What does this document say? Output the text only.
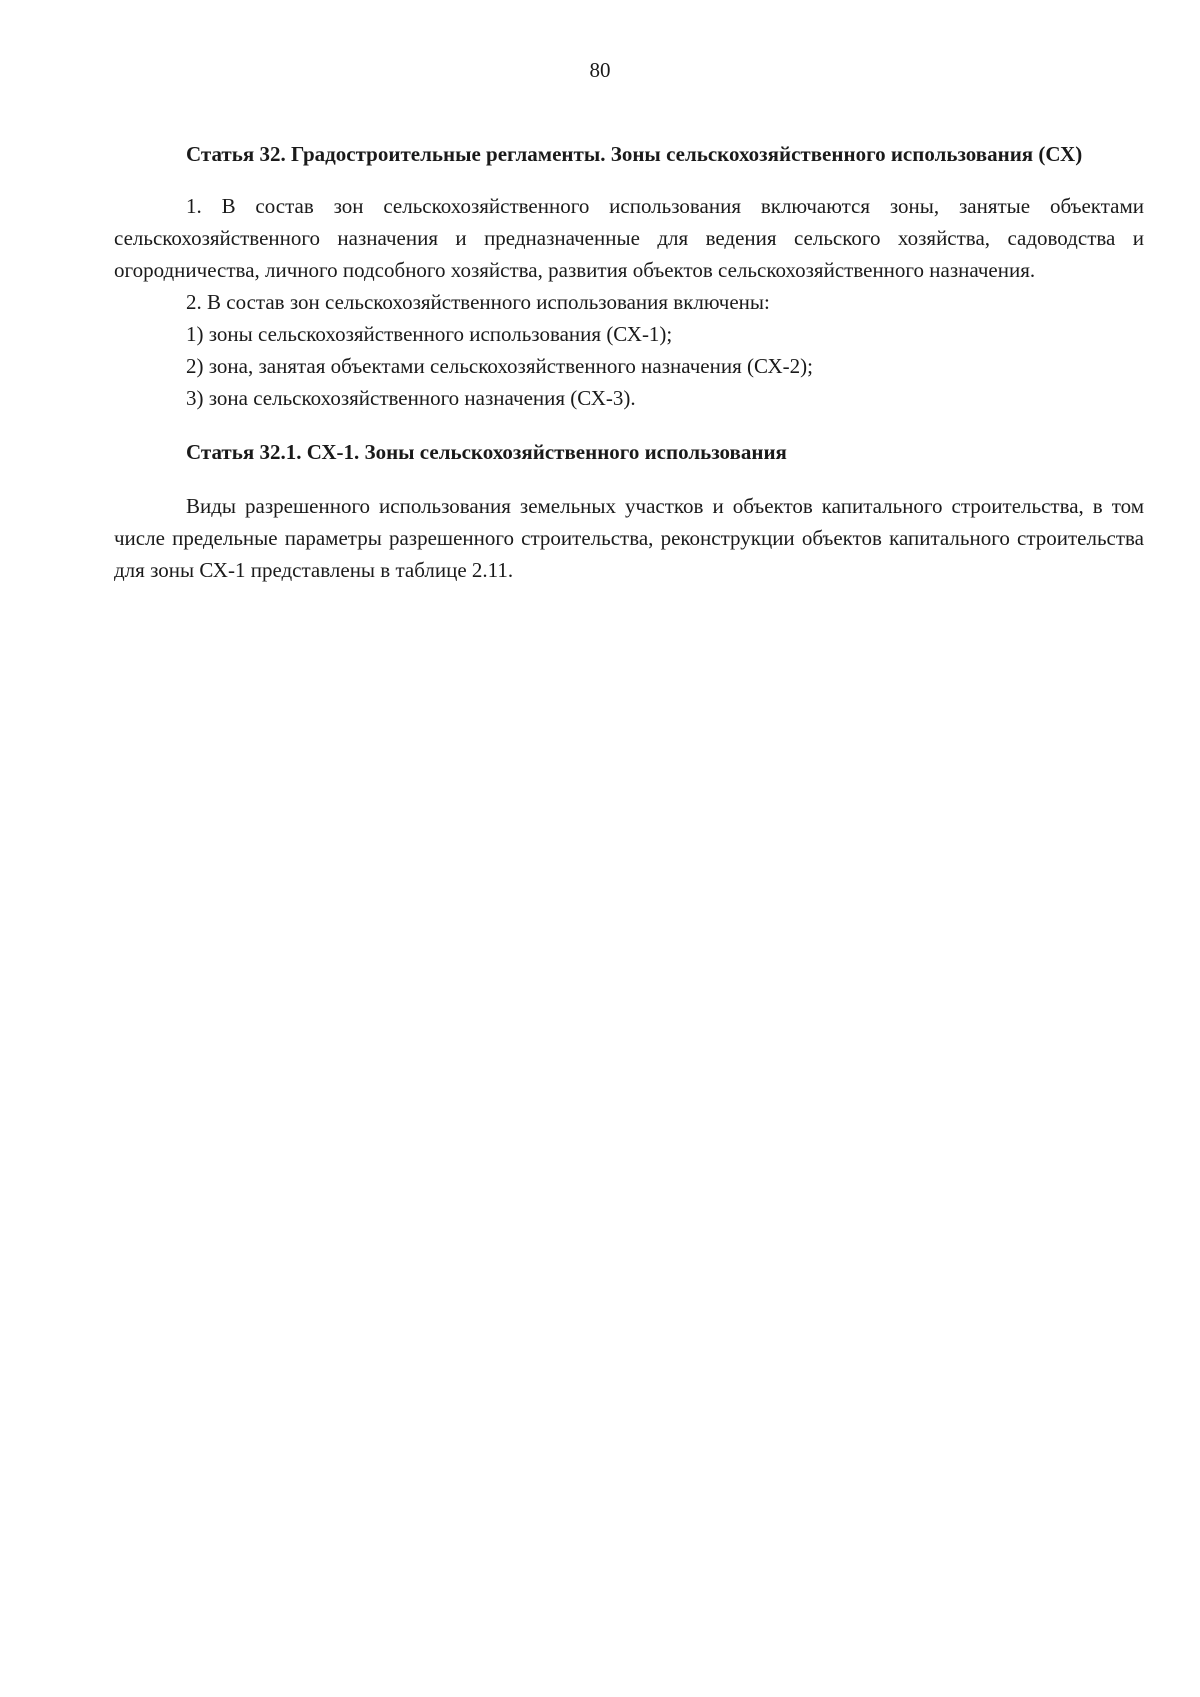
80

Статья 32. Градостроительные регламенты. Зоны сельскохозяйственного использования (СХ)

1. В состав зон сельскохозяйственного использования включаются зоны, занятые объектами сельскохозяйственного назначения и предназначенные для ведения сельского хозяйства, садоводства и огородничества, личного подсобного хозяйства, развития объектов сельскохозяйственного назначения.

2. В состав зон сельскохозяйственного использования включены:

1) зоны сельскохозяйственного использования (СХ-1);

2) зона, занятая объектами сельскохозяйственного назначения (СХ-2);

3) зона сельскохозяйственного назначения (СХ-3).

Статья 32.1. СХ-1. Зоны сельскохозяйственного использования

Виды разрешенного использования земельных участков и объектов капитального строительства, в том числе предельные параметры разрешенного строительства, реконструкции объектов капитального строительства для зоны СХ-1 представлены в таблице 2.11.
